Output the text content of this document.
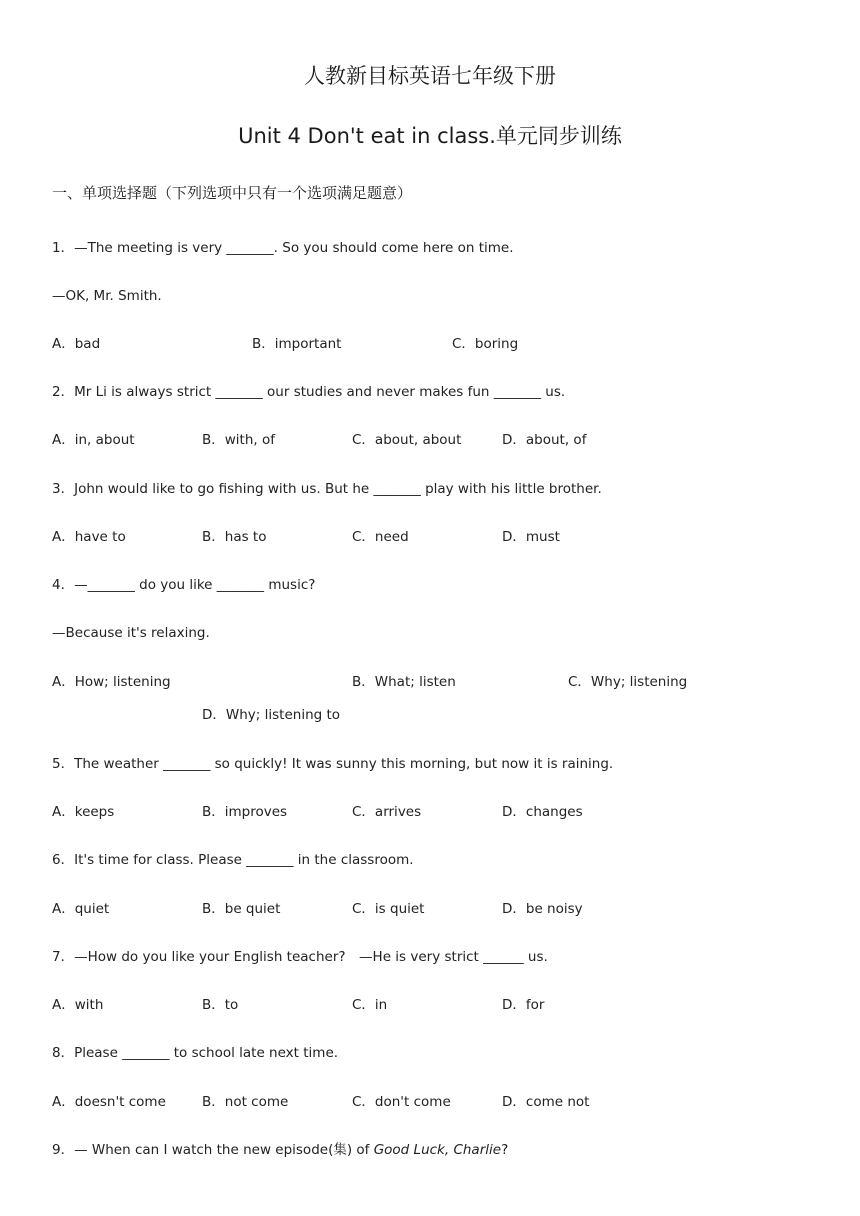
人教新目标英语七年级下册
Unit 4 Don't eat in class.单元同步训练
一、单项选择题（下列选项中只有一个选项满足题意）
1．—The meeting is very _______. So you should come here on time.
—OK, Mr. Smith.
A．bad	B．important	C．boring
2．Mr Li is always strict _______ our studies and never makes fun _______ us.
A．in, about	B．with, of	C．about, about	D．about, of
3．John would like to go fishing with us. But he _______ play with his little brother.
A．have to	B．has to	C．need	D．must
4．—_______ do you like _______ music?
—Because it's relaxing.
A．How; listening	B．What; listen	C．Why; listening
D．Why; listening to
5．The weather _______ so quickly! It was sunny this morning, but now it is raining.
A．keeps	B．improves	C．arrives	D．changes
6．It's time for class. Please _______ in the classroom.
A．quiet	B．be quiet	C．is quiet	D．be noisy
7．—How do you like your English teacher?　—He is very strict ______ us.
A．with	B．to	C．in	D．for
8．Please _______ to school late next time.
A．doesn't come	B．not come	C．don't come	D．come not
9．— When can I watch the new episode(集) of Good Luck, Charlie?
